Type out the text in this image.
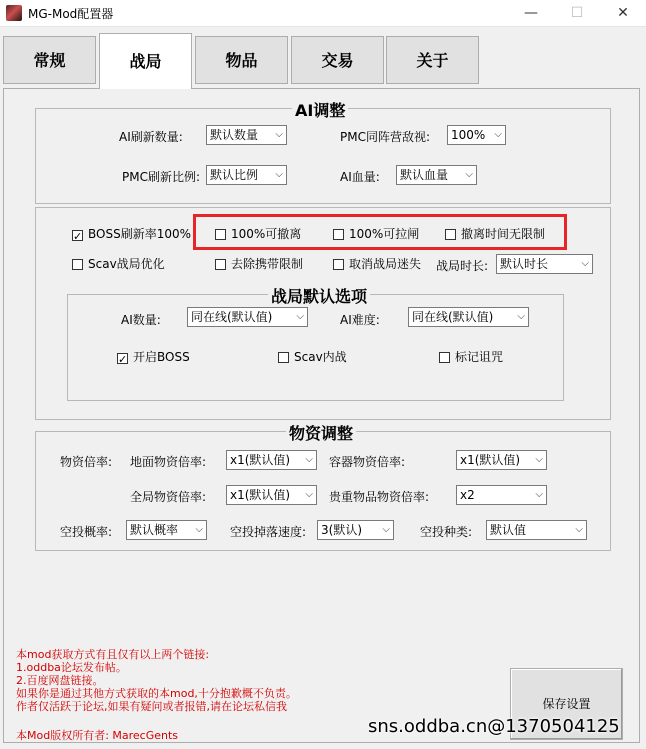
MG-Mod配置器	—	☐	✕
常规	战局	物品	交易	关于
AI调整
AI刷新数量:	默认数量 ⌵	PMC同阵营敌视:	100% ⌵
PMC刷新比例: 默认比例 ⌵	AI血量:	默认血量 ⌵
✓ BOSS刷新率100%	100%可撤离	100%可拉闸	撤离时间无限制
Scav战局优化	去除携带限制	取消战局迷失 战局时长: 默认时长	⌵
战局默认选项
AI数量:	同在线(默认值) ⌵	AI难度:	同在线(默认值) ⌵
✓ 开启BOSS	Scav内战	标记诅咒
物资调整
物资倍率: 地面物资倍率:	x1(默认值) ⌵ 容器物资倍率:	x1(默认值) ⌵
全局物资倍率:	x1(默认值) ⌵ 贵重物品物资倍率:	x2	⌵
空投概率:	默认概率 ⌵ 空投掉落速度:	3(默认) ⌵	空投种类:	默认值	⌵
本mod获取方式有且仅有以上两个链接:
1.oddba论坛发布帖。
2.百度网盘链接。
如果你是通过其他方式获取的本mod,十分抱歉概不负责。
作者仅活跃于论坛,如果有疑问或者报错,请在论坛私信我
本Mod版权所有者: MarecGents
保存设置
sns.oddba.cn@1370504125
